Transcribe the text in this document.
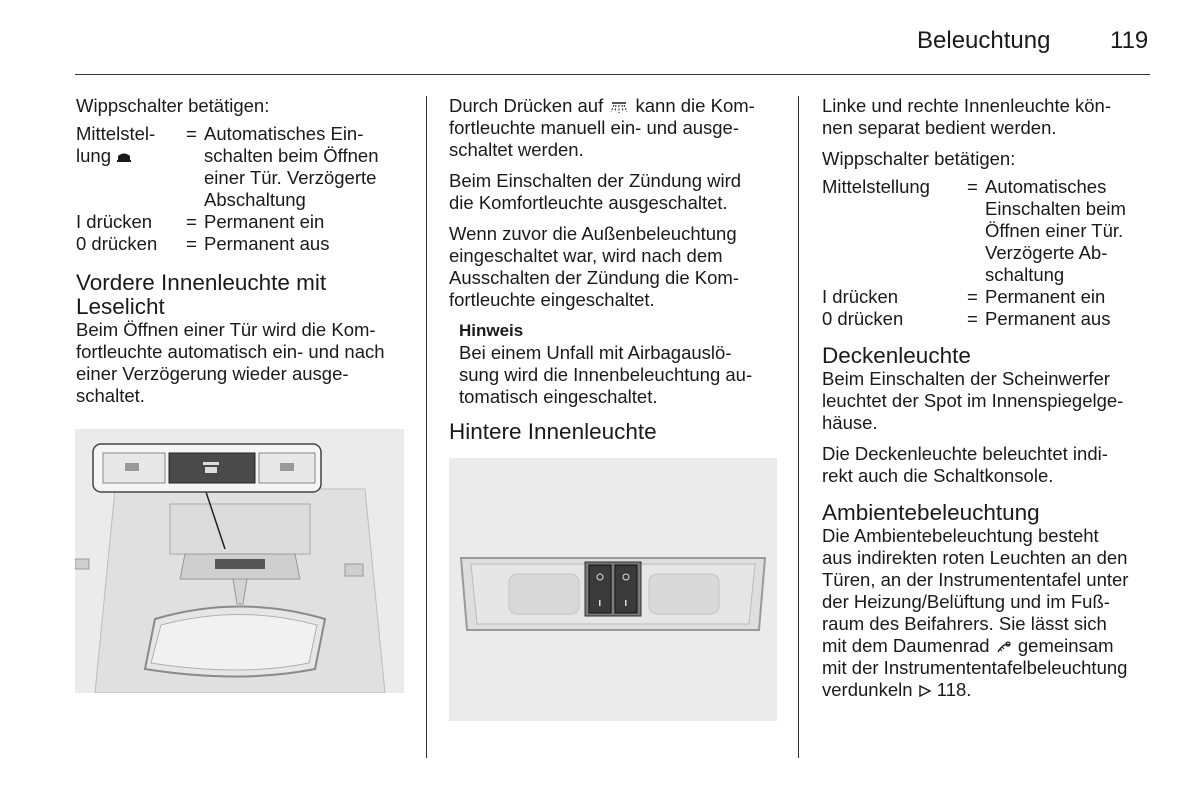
Beleuchtung 119

Wippschalter betätigen:

Mittelstel-
lung
= Automatisches Ein-
schalten beim Öffnen
einer Tür. Verzögerte
Abschaltung
I drücken	= Permanent ein
0 drücken	= Permanent aus
Vordere Innenleuchte mit
Leselicht
Beim Öffnen einer Tür wird die Kom-
fortleuchte automatisch ein- und nach
einer Verzögerung wieder ausge-
schaltet.
Durch Drücken auf kann die Kom-
fortleuchte manuell ein- und ausge-
schaltet werden.
Beim Einschalten der Zündung wird
die Komfortleuchte ausgeschaltet.
Wenn zuvor die Außenbeleuchtung
eingeschaltet war, wird nach dem
Ausschalten der Zündung die Kom-
fortleuchte eingeschaltet.
Hinweis
Bei einem Unfall mit Airbagauslö-
sung wird die Innenbeleuchtung au-
tomatisch eingeschaltet.
Hintere Innenleuchte
Linke und rechte Innenleuchte kön-
nen separat bedient werden.

Wippschalter betätigen:

Mittelstellung	= Automatisches
Einschalten beim
Öffnen einer Tür.
Verzögerte Ab-
schaltung
I drücken	= Permanent ein
0 drücken	= Permanent aus
Deckenleuchte
Beim Einschalten der Scheinwerfer
leuchtet der Spot im Innenspiegelge-
häuse.
Die Deckenleuchte beleuchtet indi-
rekt auch die Schaltkonsole.
Ambientebeleuchtung
Die Ambientebeleuchtung besteht
aus indirekten roten Leuchten an den
Türen, an der Instrumententafel unter
der Heizung/Belüftung und im Fuß-
raum des Beifahrers. Sie lässt sich
mit dem Daumenrad gemeinsam
mit der Instrumententafelbeleuchtung
verdunkeln 118.
